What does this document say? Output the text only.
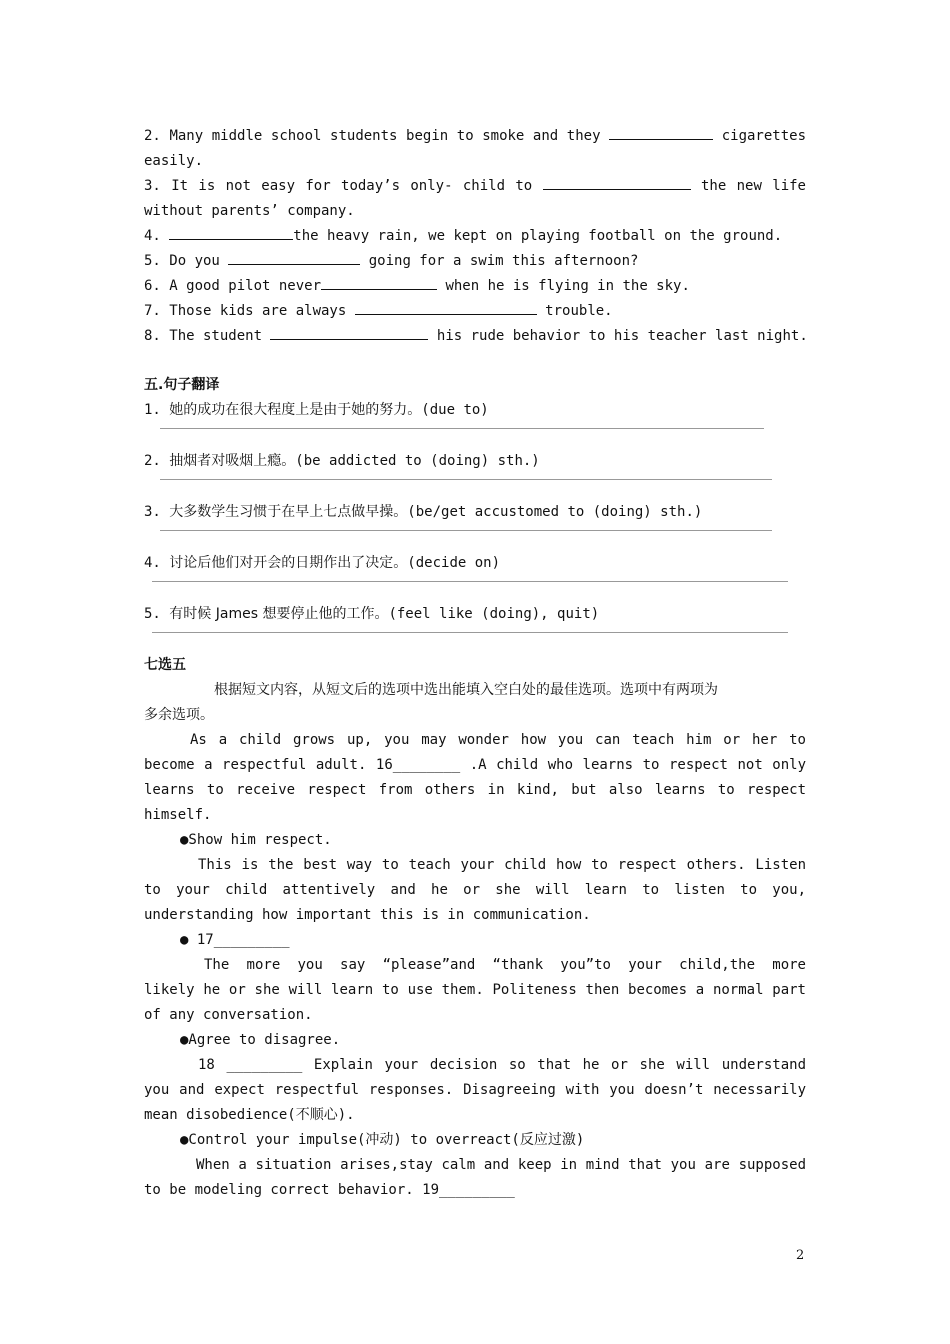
2. Many middle school students begin to smoke and they	cigarettes
easily.
3. It is not easy for today’s only- child to	the new life
without parents’ company.
4.	the heavy rain, we kept on playing football on the ground.
5. Do you	going for a swim this afternoon?
6. A good pilot never	when he is flying in the sky.
7. Those kids are always	trouble.
8. The student	his rude behavior to his teacher last night.
五.句子翻译
1. 她的成功在很大程度上是由于她的努力。(due to)
2. 抽烟者对吸烟上瘾。(be addicted to (doing) sth.)
3. 大多数学生习惯于在早上七点做早操。(be/get accustomed to (doing) sth.)
4. 讨论后他们对开会的日期作出了决定。(decide on)
5. 有时候 James 想要停止他的工作。(feel like (doing), quit)
七选五
根据短文内容，从短文后的选项中选出能填入空白处的最佳选项。选项中有两项为
多余选项。
As a child grows up, you may wonder how you can teach him or her to
become a respectful adult. 16________ .A child who learns to respect not only
learns to receive respect from others in kind, but also learns to respect
himself.
●Show him respect.
This is the best way to teach your child how to respect others. Listen
to your child attentively and he or she will learn to listen to you,
understanding how important this is in communication.
● 17_________
The more you say “please”and “thank you”to your child,the more
likely he or she will learn to use them. Politeness then becomes a normal part
of any conversation.
●Agree to disagree.
18 _________ Explain your decision so that he or she will understand
you and expect respectful responses. Disagreeing with you doesn’t necessarily
mean disobedience(不顺心).
●Control your impulse(冲动) to overreact(反应过激)
When a situation arises,stay calm and keep in mind that you are supposed
to be modeling correct behavior. 19_________
2
